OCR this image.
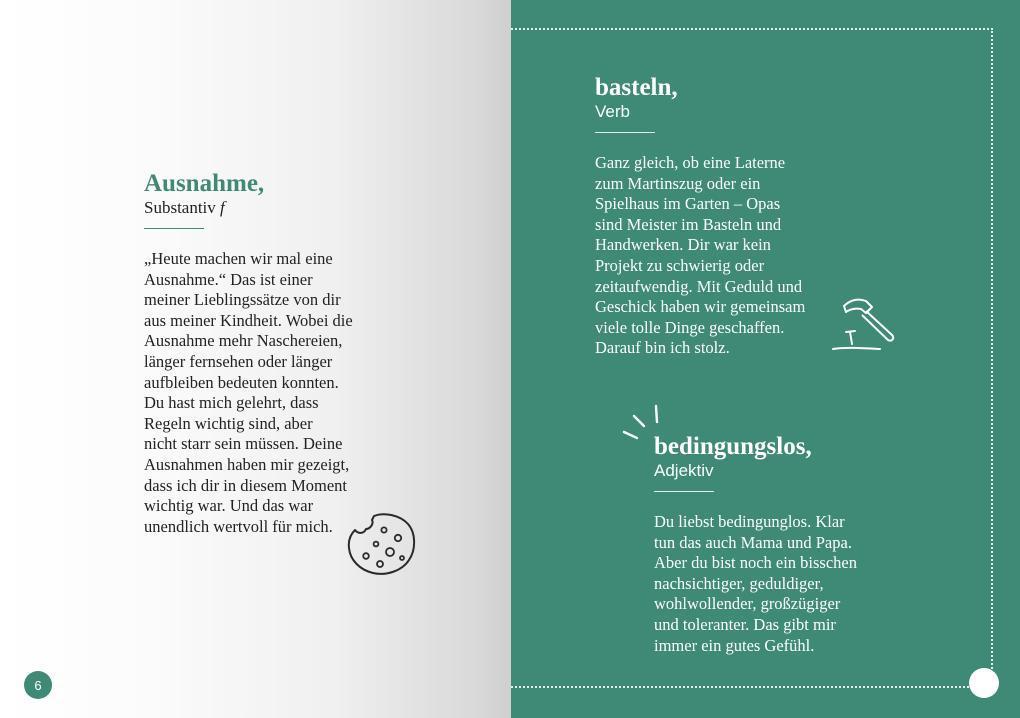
Ausnahme,
Substantiv f
„Heute machen wir mal eine
Ausnahme.“ Das ist einer
meiner Lieblingssätze von dir
aus meiner Kindheit. Wobei die
Ausnahme mehr Naschereien,
länger fernsehen oder länger
aufbleiben bedeuten konnten.
Du hast mich gelehrt, dass
Regeln wichtig sind, aber
nicht starr sein müssen. Deine
Ausnahmen haben mir gezeigt,
dass ich dir in diesem Moment
wichtig war. Und das war
unendlich wertvoll für mich.
6
basteln,
Verb
Ganz gleich, ob eine Laterne
zum Martinszug oder ein
Spielhaus im Garten – Opas
sind Meister im Basteln und
Handwerken. Dir war kein
Projekt zu schwierig oder
zeitaufwendig. Mit Geduld und
Geschick haben wir gemeinsam
viele tolle Dinge geschaffen.
Darauf bin ich stolz.
bedingungslos,
Adjektiv
Du liebst bedingunglos. Klar
tun das auch Mama und Papa.
Aber du bist noch ein bisschen
nachsichtiger, geduldiger,
wohlwollender, großzügiger
und toleranter. Das gibt mir
immer ein gutes Gefühl.
